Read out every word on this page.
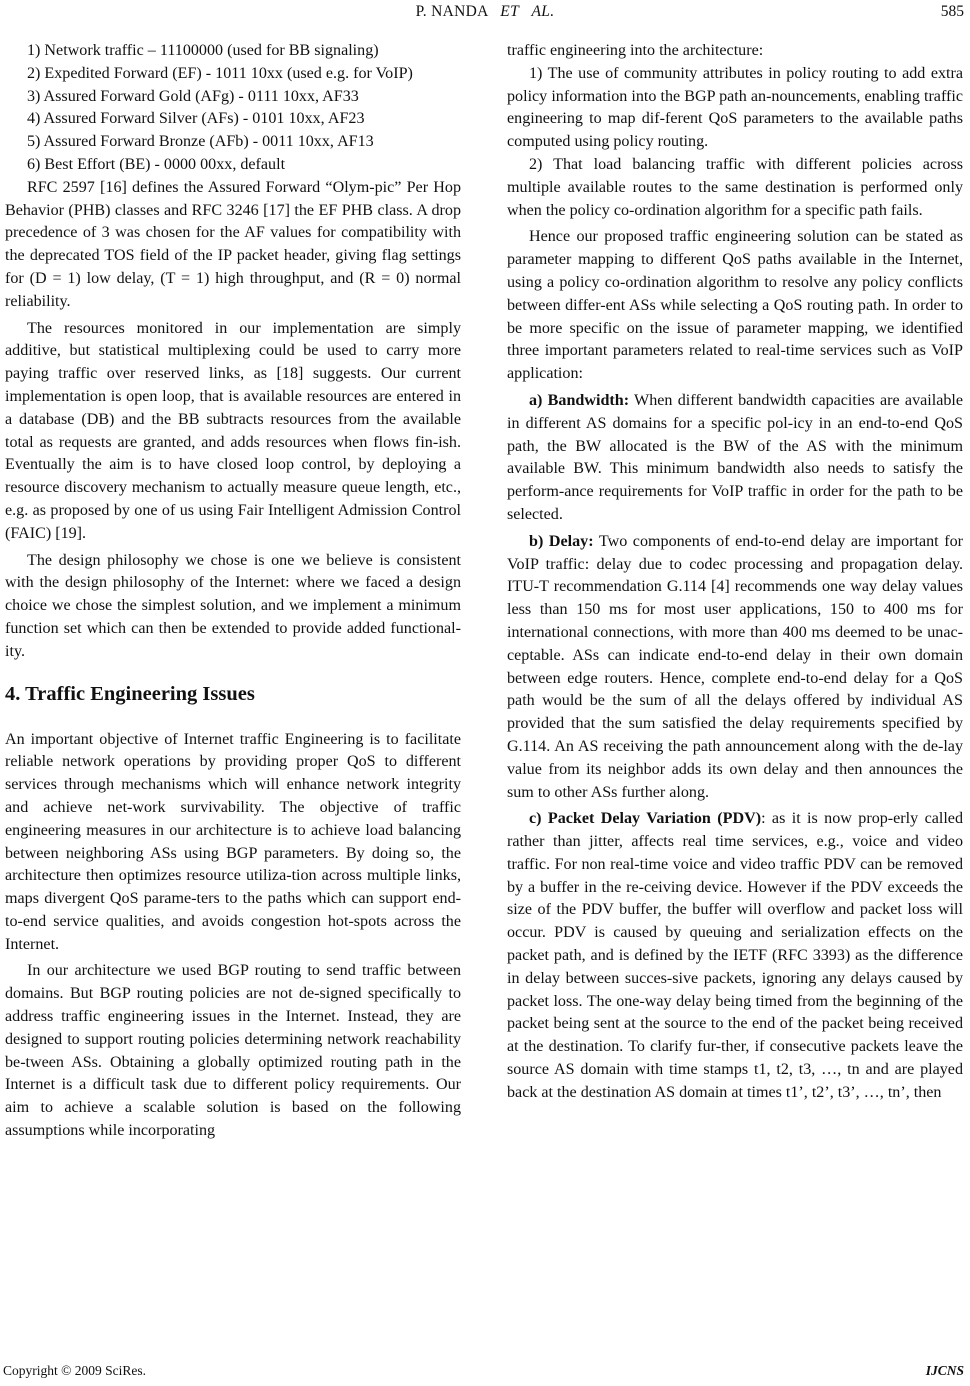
P. NANDA ET AL.	585

1) Network traffic – 11100000 (used for BB signaling)

2) Expedited Forward (EF) - 1011 10xx (used e.g. for VoIP)

3) Assured Forward Gold (AFg) - 0111 10xx, AF33

4) Assured Forward Silver (AFs) - 0101 10xx, AF23

5) Assured Forward Bronze (AFb) - 0011 10xx, AF13

6) Best Effort (BE) - 0000 00xx, default

RFC 2597 [16] defines the Assured Forward “Olym-pic” Per Hop Behavior (PHB) classes and RFC 3246 [17] the EF PHB class. A drop precedence of 3 was chosen for the AF values for compatibility with the deprecated TOS field of the IP packet header, giving flag settings for (D = 1) low delay, (T = 1) high throughput, and (R = 0) normal reliability.

The resources monitored in our implementation are simply additive, but statistical multiplexing could be used to carry more paying traffic over reserved links, as [18] suggests. Our current implementation is open loop, that is available resources are entered in a database (DB) and the BB subtracts resources from the available total as requests are granted, and adds resources when flows fin-ish. Eventually the aim is to have closed loop control, by deploying a resource discovery mechanism to actually measure queue length, etc., e.g. as proposed by one of us using Fair Intelligent Admission Control (FAIC) [19].

The design philosophy we chose is one we believe is consistent with the design philosophy of the Internet: where we faced a design choice we chose the simplest solution, and we implement a minimum function set which can then be extended to provide added functional-ity.

4. Traffic Engineering Issues

An important objective of Internet traffic Engineering is to facilitate reliable network operations by providing proper QoS to different services through mechanisms which will enhance network integrity and achieve net-work survivability. The objective of traffic engineering measures in our architecture is to achieve load balancing between neighboring ASs using BGP parameters. By doing so, the architecture then optimizes resource utiliza-tion across multiple links, maps divergent QoS parame-ters to the paths which can support end-to-end service qualities, and avoids congestion hot-spots across the Internet.

In our architecture we used BGP routing to send traffic between domains. But BGP routing policies are not de-signed specifically to address traffic engineering issues in the Internet. Instead, they are designed to support routing policies determining network reachability be-tween ASs. Obtaining a globally optimized routing path in the Internet is a difficult task due to different policy requirements. Our aim to achieve a scalable solution is based on the following assumptions while incorporating

traffic engineering into the architecture:

1) The use of community attributes in policy routing to add extra policy information into the BGP path an-nouncements, enabling traffic engineering to map dif-ferent QoS parameters to the available paths computed using policy routing.

2) That load balancing traffic with different policies across multiple available routes to the same destination is performed only when the policy co-ordination algorithm for a specific path fails.

Hence our proposed traffic engineering solution can be stated as parameter mapping to different QoS paths available in the Internet, using a policy co-ordination algorithm to resolve any policy conflicts between differ-ent ASs while selecting a QoS routing path. In order to be more specific on the issue of parameter mapping, we identified three important parameters related to real-time services such as VoIP application:

a) Bandwidth: When different bandwidth capacities are available in different AS domains for a specific pol-icy in an end-to-end QoS path, the BW allocated is the BW of the AS with the minimum available BW. This minimum bandwidth also needs to satisfy the perform-ance requirements for VoIP traffic in order for the path to be selected.

b) Delay: Two components of end-to-end delay are important for VoIP traffic: delay due to codec processing and propagation delay. ITU-T recommendation G.114 [4] recommends one way delay values less than 150 ms for most user applications, 150 to 400 ms for international connections, with more than 400 ms deemed to be unac-ceptable. ASs can indicate end-to-end delay in their own domain between edge routers. Hence, complete end-to-end delay for a QoS path would be the sum of all the delays offered by individual AS provided that the sum satisfied the delay requirements specified by G.114. An AS receiving the path announcement along with the de-lay value from its neighbor adds its own delay and then announces the sum to other ASs further along.

c) Packet Delay Variation (PDV): as it is now prop-erly called rather than jitter, affects real time services, e.g., voice and video traffic. For non real-time voice and video traffic PDV can be removed by a buffer in the re-ceiving device. However if the PDV exceeds the size of the PDV buffer, the buffer will overflow and packet loss will occur. PDV is caused by queuing and serialization effects on the packet path, and is defined by the IETF (RFC 3393) as the difference in delay between succes-sive packets, ignoring any delays caused by packet loss. The one-way delay being timed from the beginning of the packet being sent at the source to the end of the packet being received at the destination. To clarify fur-ther, if consecutive packets leave the source AS domain with time stamps t1, t2, t3, …, tn and are played back at the destination AS domain at times t1’, t2’, t3’, …, tn’, then

Copyright © 2009 SciRes.	IJCNS
